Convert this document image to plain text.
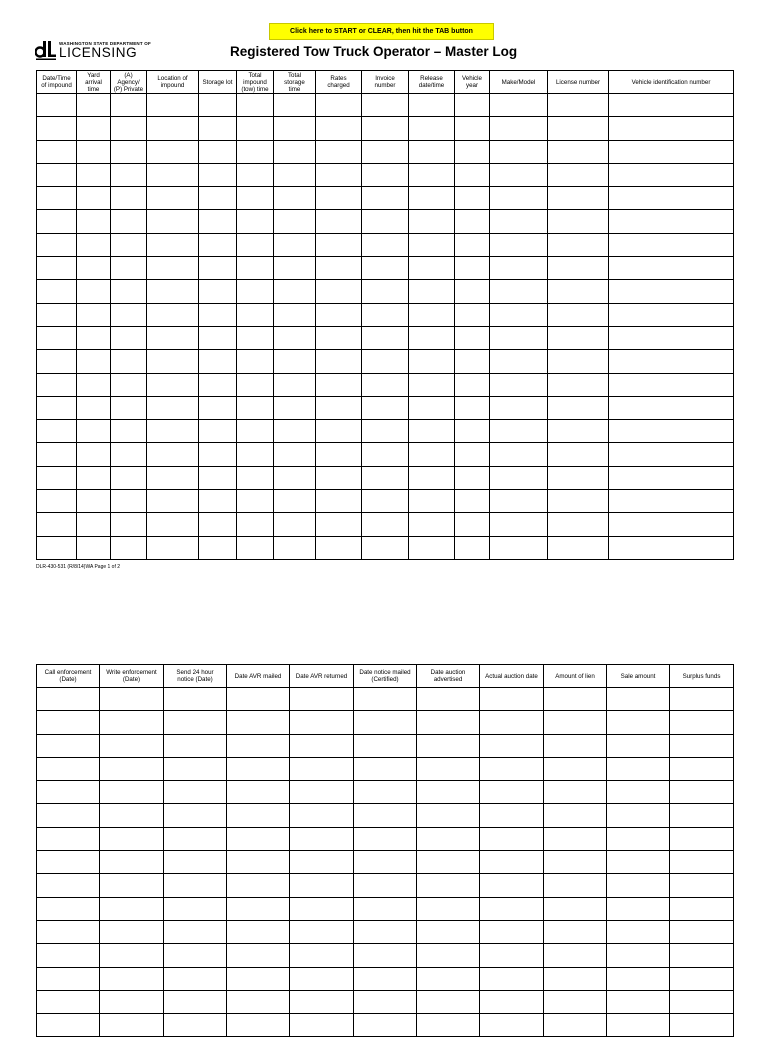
Click here to START or CLEAR, then hit the TAB button
WASHINGTON STATE DEPARTMENT OF
LICENSING	Registered Tow Truck Operator – Master Log
Date/Time
of impound	Yard
arrival
time	(A)
Agency/
(P) Private	Location of
impound	Storage lot	Total
impound
(tow) time	Total
storage
time	Rates
charged	Invoice
number	Release
date/time	Vehicle
year	Make/Model	License number	Vehicle identification number

DLR-430-531 (R/8/14)WA Page 1 of 2
Call enforcement
(Date)	Write enforcement
(Date)	Send 24 hour
notice (Date)	Date AVR mailed	Date AVR returned	Date notice mailed
(Certified)	Date auction
advertised	Actual auction date	Amount of lien	Sale amount	Surplus funds
